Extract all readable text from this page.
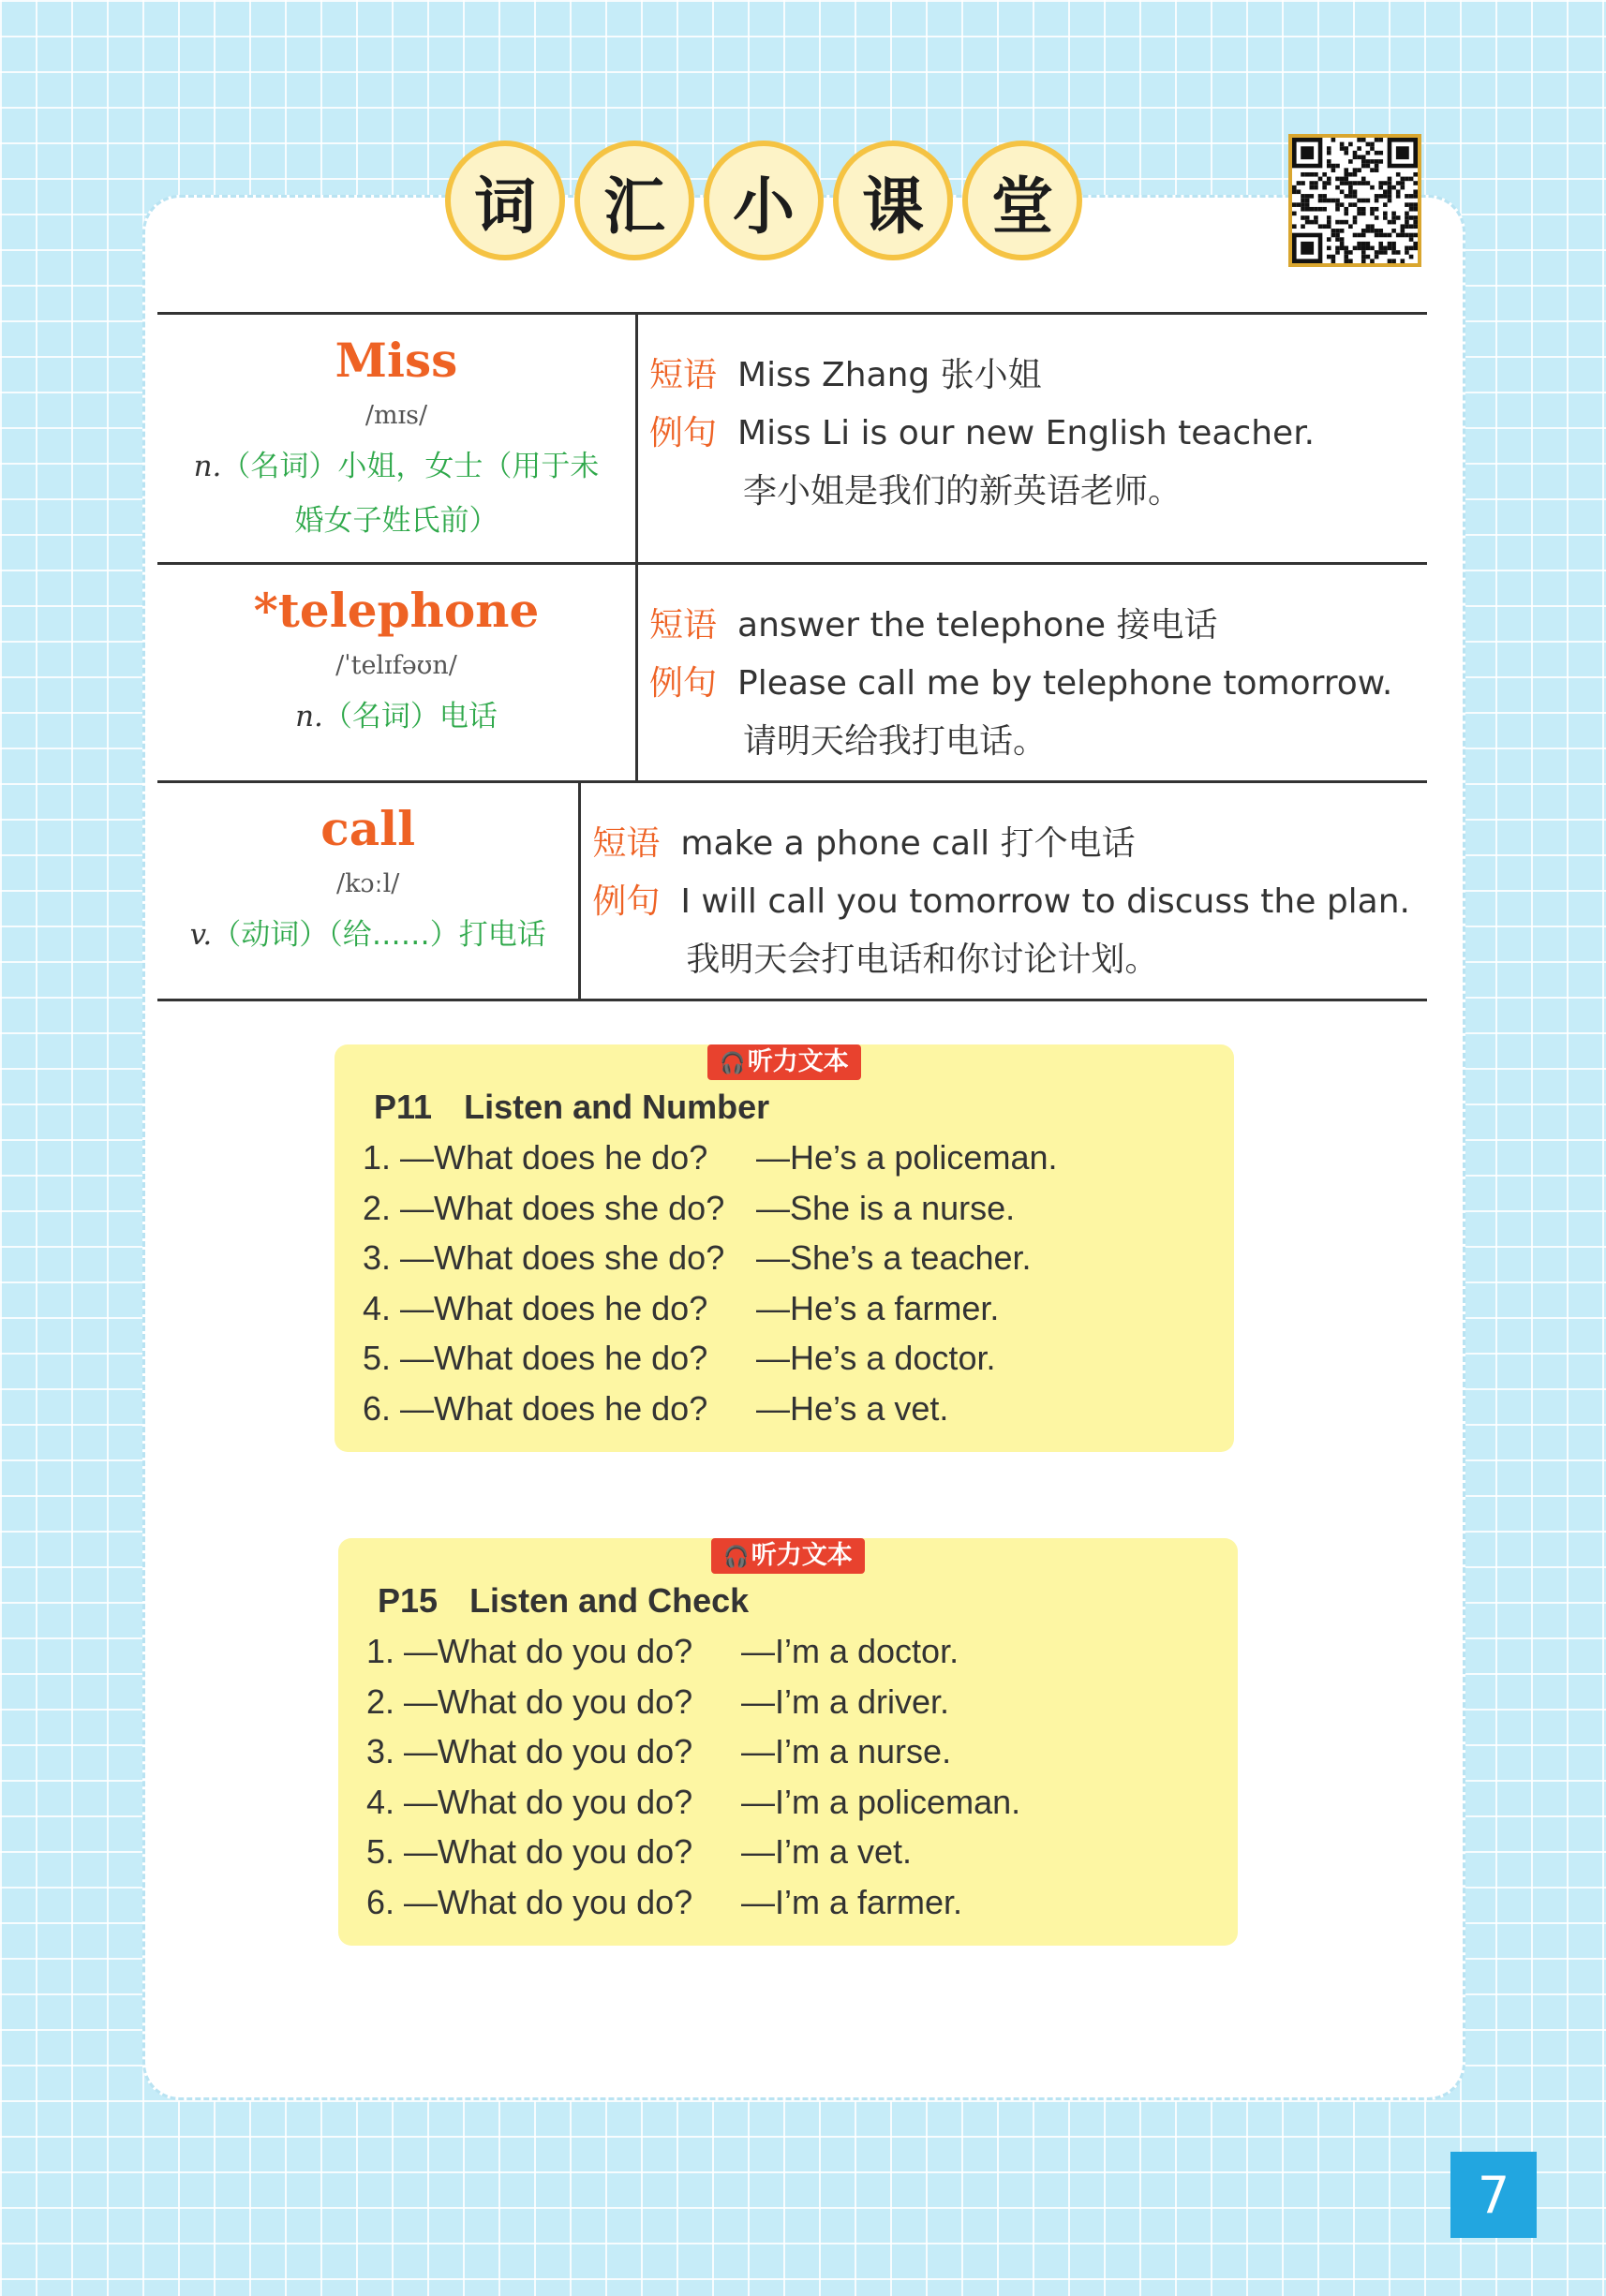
词	汇	小	课	堂
Miss
/mɪs/
n.（名词）小姐，女士（用于未
婚女子姓氏前）
短语 Miss Zhang 张小姐
例句 Miss Li is our new English teacher.
李小姐是我们的新英语老师。
*telephone
/ˈtelɪfəʊn/
n.（名词）电话
短语 answer the telephone 接电话
例句 Please call me by telephone tomorrow.
请明天给我打电话。
call
/kɔːl/
v.（动词）（给……）打电话
短语 make a phone call 打个电话
例句 I will call you tomorrow to discuss the plan.
我明天会打电话和你讨论计划。
🎧听力文本
P11 Listen and Number
1. —What does he do?	—He’s a policeman.
2. —What does she do? —She is a nurse.
3. —What does she do? —She’s a teacher.
4. —What does he do?	—He’s a farmer.
5. —What does he do?	—He’s a doctor.
6. —What does he do?	—He’s a vet.
🎧听力文本
P15 Listen and Check
1. —What do you do?	—I’m a doctor.
2. —What do you do?	—I’m a driver.
3. —What do you do?	—I’m a nurse.
4. —What do you do?	—I’m a policeman.
5. —What do you do?	—I’m a vet.
6. —What do you do?	—I’m a farmer.
7
